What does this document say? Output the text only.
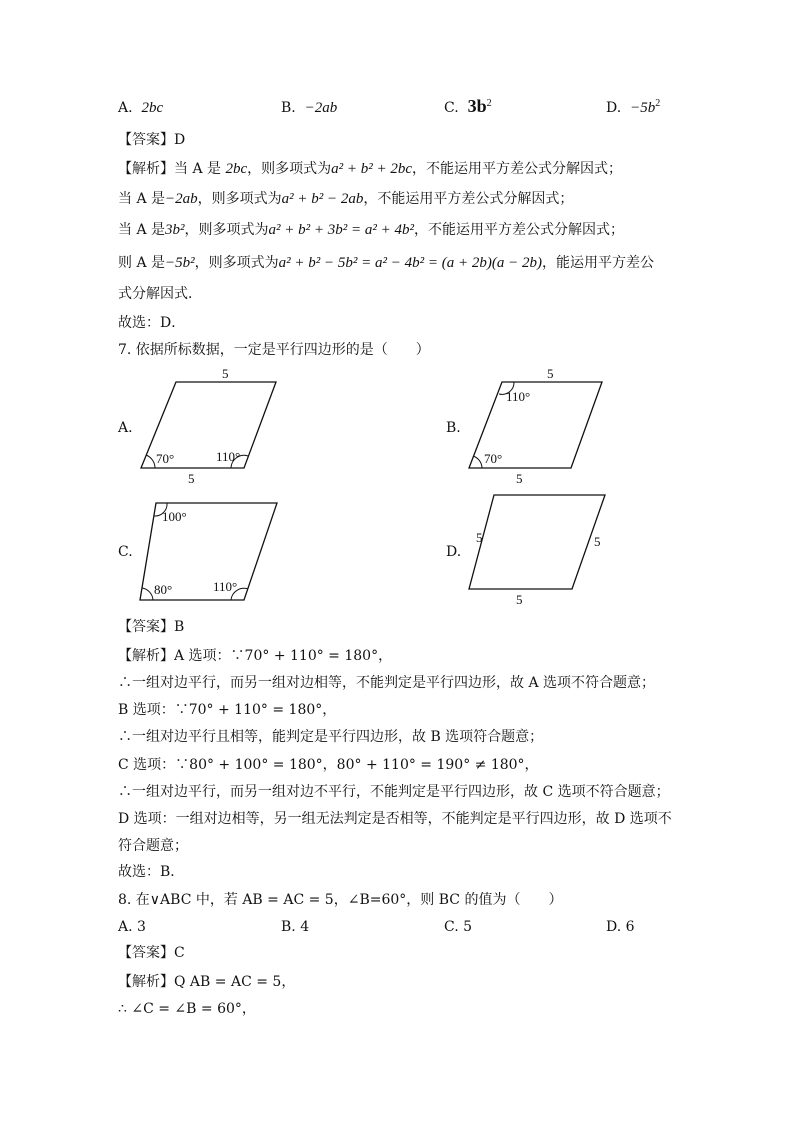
A. 2bc	B. −2ab	C. $3b^2$	D. $-5b^2$
【答案】D
【解析】当 A 是 2bc，则多项式为a² + b² + 2bc，不能运用平方差公式分解因式；
当 A 是−2ab，则多项式为a² + b² − 2ab，不能运用平方差公式分解因式；
当 A 是3b²，则多项式为a² + b² + 3b² = a² + 4b²，不能运用平方差公式分解因式；
则 A 是−5b²，则多项式为a² + b² − 5b² = a² − 4b² = (a + 2b)(a − 2b)，能运用平方差公
式分解因式．
故选：D．
7. 依据所标数据，一定是平行四边形的是（　　）
A.
5
5
70°	110°
B.
5
5
110°
70°
C.
100°
80°	110°
D.
5	5
5
【答案】B
【解析】A 选项：∵70° + 110° = 180°，
∴一组对边平行，而另一组对边相等，不能判定是平行四边形，故 A 选项不符合题意；
B 选项：∵70° + 110° = 180°，
∴一组对边平行且相等，能判定是平行四边形，故 B 选项符合题意；
C 选项：∵80° + 100° = 180°，80° + 110° = 190° ≠ 180°，
∴一组对边平行，而另一组对边不平行，不能判定是平行四边形，故 C 选项不符合题意；
D 选项：一组对边相等，另一组无法判定是否相等，不能判定是平行四边形，故 D 选项不
符合题意；
故选：B．
8. 在∨ABC 中，若 AB = AC = 5，∠B=60°，则 BC 的值为（　　）
A. 3	B. 4	C. 5	D. 6
【答案】C
【解析】Q AB = AC = 5，
∴ ∠C = ∠B = 60°，
